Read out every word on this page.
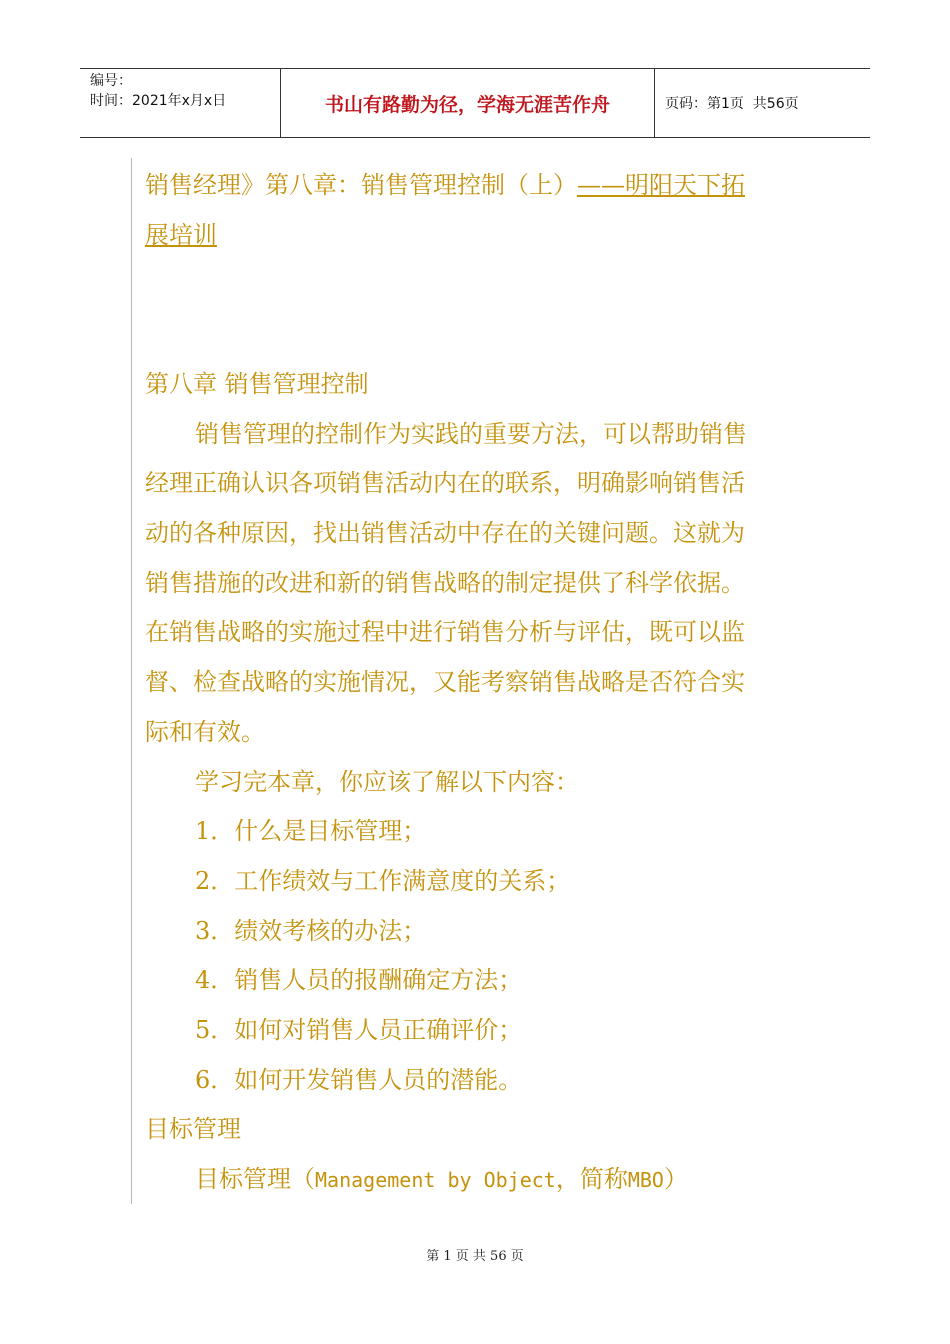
编号：
时间：2021年x月x日	书山有路勤为径，学海无涯苦作舟	页码：第1页  共56页
销售经理》第八章：销售管理控制（上）——明阳天下拓
展培训
第八章 销售管理控制
销售管理的控制作为实践的重要方法，可以帮助销售
经理正确认识各项销售活动内在的联系，明确影响销售活
动的各种原因，找出销售活动中存在的关键问题。这就为
销售措施的改进和新的销售战略的制定提供了科学依据。
在销售战略的实施过程中进行销售分析与评估，既可以监
督、检查战略的实施情况，又能考察销售战略是否符合实
际和有效。
学习完本章，你应该了解以下内容：
1．什么是目标管理；
2．工作绩效与工作满意度的关系；
3．绩效考核的办法；
4．销售人员的报酬确定方法；
5．如何对销售人员正确评价；
6．如何开发销售人员的潜能。
目标管理
目标管理（Management by Object，简称MBO）
第 1 页 共 56 页
